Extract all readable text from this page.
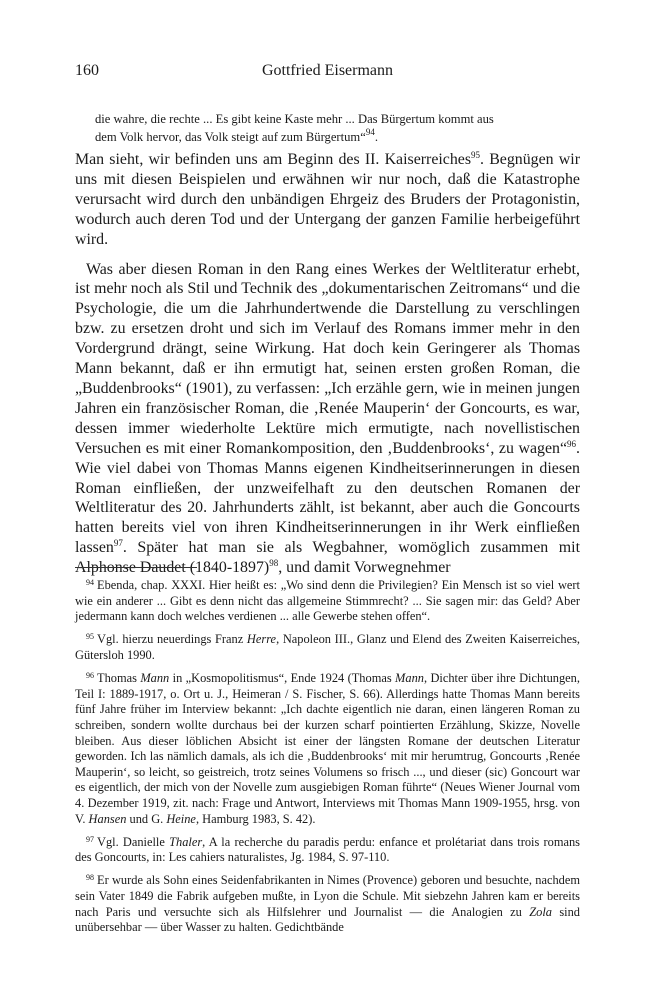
160	Gottfried Eisermann
die wahre, die rechte ... Es gibt keine Kaste mehr ... Das Bürgertum kommt aus
dem Volk hervor, das Volk steigt auf zum Bürgertum“$^{94}$.

Man sieht, wir befinden uns am Beginn des II. Kaiserreiches$^{95}$. Begnügen wir uns mit diesen Beispielen und erwähnen wir nur noch, daß die Katastrophe verursacht wird durch den unbändigen Ehrgeiz des Bruders der Protagonistin, wodurch auch deren Tod und der Untergang der ganzen Familie herbeigeführt wird.

Was aber diesen Roman in den Rang eines Werkes der Weltliteratur erhebt, ist mehr noch als Stil und Technik des „dokumentarischen Zeitromans“ und die Psychologie, die um die Jahrhundertwende die Darstellung zu verschlingen bzw. zu ersetzen droht und sich im Verlauf des Romans immer mehr in den Vordergrund drängt, seine Wirkung. Hat doch kein Geringerer als Thomas Mann bekannt, daß er ihn ermutigt hat, seinen ersten großen Roman, die „Buddenbrooks“ (1901), zu verfassen: „Ich erzähle gern, wie in meinen jungen Jahren ein französischer Roman, die ‚Renée Mauperin‘ der Goncourts, es war, dessen immer wiederholte Lektüre mich ermutigte, nach novellistischen Versuchen es mit einer Romankomposition, den ‚Buddenbrooks‘, zu wagen“$^{96}$. Wie viel dabei von Thomas Manns eigenen Kindheitserinnerungen in diesen Roman einfließen, der unzweifelhaft zu den deutschen Romanen der Weltliteratur des 20. Jahrhunderts zählt, ist bekannt, aber auch die Goncourts hatten bereits viel von ihren Kindheitserinnerungen in ihr Werk einfließen lassen$^{97}$. Später hat man sie als Wegbahner, womöglich zusammen mit Alphonse Daudet (1840-1897)$^{98}$, und damit Vorwegnehmer

$^{94}$ Ebenda, chap. XXXI. Hier heißt es: „Wo sind denn die Privilegien? Ein Mensch ist so viel wert wie ein anderer ... Gibt es denn nicht das allgemeine Stimmrecht? ... Sie sagen mir: das Geld? Aber jedermann kann doch welches verdienen ... alle Gewerbe stehen offen“.
$^{95}$ Vgl. hierzu neuerdings Franz Herre, Napoleon III., Glanz und Elend des Zweiten Kaiserreiches, Gütersloh 1990.
$^{96}$ Thomas Mann in „Kosmopolitismus“, Ende 1924 (Thomas Mann, Dichter über ihre Dichtungen, Teil I: 1889-1917, o. Ort u. J., Heimeran / S. Fischer, S. 66). Allerdings hatte Thomas Mann bereits fünf Jahre früher im Interview bekannt: „Ich dachte eigentlich nie daran, einen längeren Roman zu schreiben, sondern wollte durchaus bei der kurzen scharf pointierten Erzählung, Skizze, Novelle bleiben. Aus dieser löblichen Absicht ist einer der längsten Romane der deutschen Literatur geworden. Ich las nämlich damals, als ich die ‚Buddenbrooks‘ mit mir herumtrug, Goncourts ‚Renée Mauperin‘, so leicht, so geistreich, trotz seines Volumens so frisch ..., und dieser (sic) Goncourt war es eigentlich, der mich von der Novelle zum ausgiebigen Roman führte“ (Neues Wiener Journal vom 4. Dezember 1919, zit. nach: Frage und Antwort, Interviews mit Thomas Mann 1909-1955, hrsg. von V. Hansen und G. Heine, Hamburg 1983, S. 42).
$^{97}$ Vgl. Danielle Thaler, A la recherche du paradis perdu: enfance et prolétariat dans trois romans des Goncourts, in: Les cahiers naturalistes, Jg. 1984, S. 97-110.
$^{98}$ Er wurde als Sohn eines Seidenfabrikanten in Nimes (Provence) geboren und besuchte, nachdem sein Vater 1849 die Fabrik aufgeben mußte, in Lyon die Schule. Mit siebzehn Jahren kam er bereits nach Paris und versuchte sich als Hilfslehrer und Journalist — die Analogien zu Zola sind unübersehbar — über Wasser zu halten. Gedichtbände
